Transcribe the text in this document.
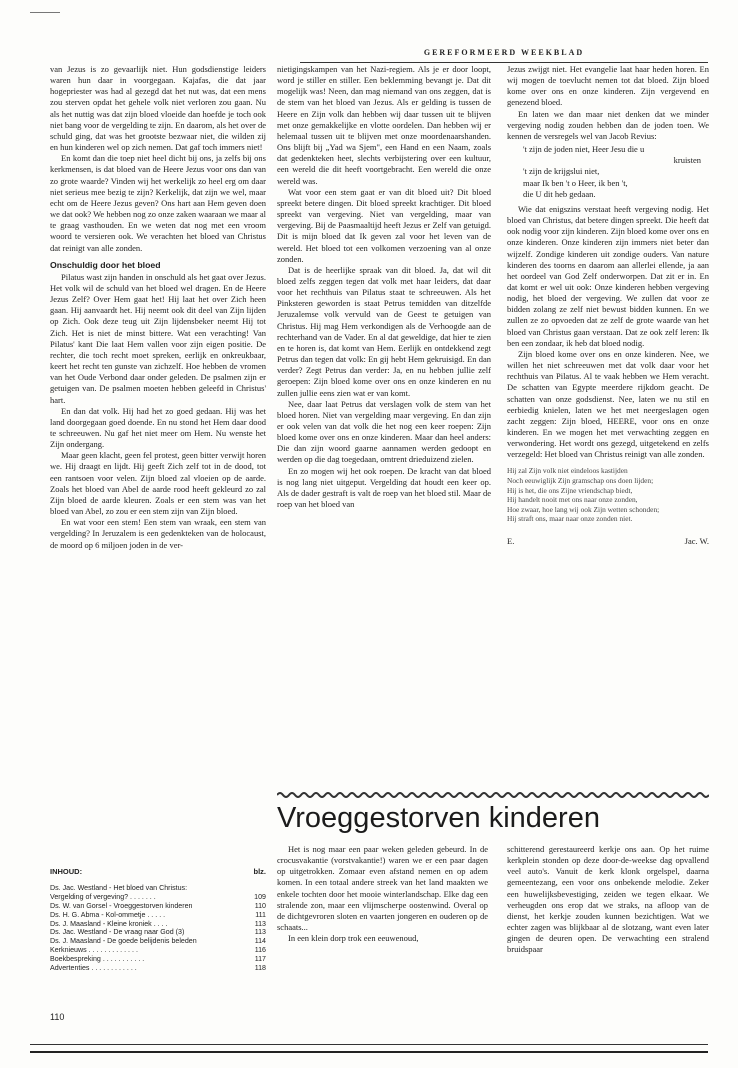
GEREFORMEERD WEEKBLAD

van Jezus is zo gevaarlijk niet. Hun godsdienstige leiders waren hun daar in voorgegaan. Kajafas, die dat jaar hogepriester was had al gezegd dat het nut was, dat een mens zou sterven opdat het gehele volk niet verloren zou gaan. Nu als het nuttig was dat zijn bloed vloeide dan hoefde je toch ook niet bang voor de vergelding te zijn. En daarom, als het over de schuld ging, dat was het grootste bezwaar niet, die wilden zij en hun kinderen wel op zich nemen. Dat gaf toch immers niet!

En komt dan die toep niet heel dicht bij ons, ja zelfs bij ons kerkmensen, is dat bloed van de Heere Jezus voor ons dan van zo grote waarde? Vinden wij het werkelijk zo heel erg om daar niet serieus mee bezig te zijn? Kerkelijk, dat zijn we wel, maar echt om de Heere Jezus geven? Ons hart aan Hem geven doen we dat ook? We hebben nog zo onze zaken waaraan we maar al te graag vasthouden. En we weten dat nog met een vroom woord te versieren ook. We verachten het bloed van Christus dat reinigt van alle zonden.

Onschuldig door het bloed

Pilatus wast zijn handen in onschuld als het gaat over Jezus. Het volk wil de schuld van het bloed wel dragen. En de Heere Jezus Zelf? Over Hem gaat het! Hij laat het over Zich heen gaan. Hij aanvaardt het. Hij neemt ook dit deel van Zijn lijden op Zich. Ook deze teug uit Zijn lijdensbeker neemt Hij tot Zich. Het is niet de minst bittere. Wat een verachting! Van Pilatus' kant Die laat Hem vallen voor zijn eigen positie. De rechter, die toch recht moet spreken, eerlijk en onkreukbaar, keert het recht ten gunste van zichzelf. Hoe hebben de vromen van het Oude Verbond daar onder geleden. De psalmen zijn er getuigen van. De psalmen moeten hebben geleefd in Christus' hart.

En dan dat volk. Hij had het zo goed gedaan. Hij was het land doorgegaan goed doende. En nu stond het Hem daar dood te schreeuwen. Nu gaf het niet meer om Hem. Nu wenste het Zijn ondergang.

Maar geen klacht, geen fel protest, geen bitter verwijt horen we. Hij draagt en lijdt. Hij geeft Zich zelf tot in de dood, tot een rantsoen voor velen. Zijn bloed zal vloeien op de aarde. Zoals het bloed van Abel de aarde rood heeft gekleurd zo zal Zijn bloed de aarde kleuren. Zoals er een stem was van het bloed van Abel, zo zou er een stem zijn van Zijn bloed.

En wat voor een stem! Een stem van wraak, een stem van vergelding? In Jeruzalem is een gedenkteken van de holocaust, de moord op 6 miljoen joden in de ver-

nietigingskampen van het Nazi-regiem. Als je er door loopt, word je stiller en stiller. Een beklemming bevangt je. Dat dit mogelijk was! Neen, dan mag niemand van ons zeggen, dat is de stem van het bloed van Jezus. Als er gelding is tussen de Heere en Zijn volk dan hebben wij daar tussen uit te blijven met onze gemakkelijke en vlotte oordelen. Dan hebben wij er helemaal tussen uit te blijven met onze moordenaarshanden. Ons blijft bij „Yad wa Sjem", een Hand en een Naam, zoals dat gedenkteken heet, slechts verbijstering over een kultuur, een wereld die dit heeft voortgebracht. Een wereld die onze wereld was.

Wat voor een stem gaat er van dit bloed uit? Dit bloed spreekt betere dingen. Dit bloed spreekt krachtiger. Dit bloed spreekt van vergeving. Niet van vergelding, maar van vergeving. Bij de Paasmaaltijd heeft Jezus er Zelf van getuigd. Dit is mijn bloed dat Ik geven zal voor het leven van de wereld. Het bloed tot een volkomen verzoening van al onze zonden.

Dat is de heerlijke spraak van dit bloed. Ja, dat wil dit bloed zelfs zeggen tegen dat volk met haar leiders, dat daar voor het rechthuis van Pilatus staat te schreeuwen. Als het Pinksteren geworden is staat Petrus temidden van ditzelfde Jeruzalemse volk vervuld van de Geest te getuigen van Christus. Hij mag Hem verkondigen als de Verhoogde aan de rechterhand van de Vader. En al dat geweldige, dat hier te zien en te horen is, dat komt van Hem. Eerlijk en ontdekkend zegt Petrus dan tegen dat volk: En gij hebt Hem gekruisigd. En dan verder? Zegt Petrus dan verder: Ja, en nu hebben jullie zelf geroepen: Zijn bloed kome over ons en onze kinderen en nu zullen jullie eens zien wat er van komt.

Nee, daar laat Petrus dat verslagen volk de stem van het bloed horen. Niet van vergelding maar vergeving. En dan zijn er ook velen van dat volk die het nog een keer roepen: Zijn bloed kome over ons en onze kinderen. Maar dan heel anders: Die dan zijn woord gaarne aannamen werden gedoopt en werden op die dag toegedaan, omtrent drieduizend zielen.

En zo mogen wij het ook roepen. De kracht van dat bloed is nog lang niet uitgeput. Vergelding dat houdt een keer op. Als de dader gestraft is valt de roep van het bloed stil. Maar de roep van het bloed van

Jezus zwijgt niet. Het evangelie laat haar heden horen. En wij mogen de toevlucht nemen tot dat bloed. Zijn bloed kome over ons en onze kinderen. Zijn vergevend en genezend bloed.

En laten we dan maar niet denken dat we minder vergeving nodig zouden hebben dan de joden toen. We kennen de versregels wel van Jacob Revius:

't zijn de joden niet, Heer Jesu die u
kruisten
't zijn de krijgslui niet,
maar Ik ben 't o Heer, ik ben 't,
die U dit heb gedaan.

Wie dat enigszins verstaat heeft vergeving nodig. Het bloed van Christus, dat betere dingen spreekt. Die heeft dat ook nodig voor zijn kinderen. Zijn bloed kome over ons en onze kinderen. Onze kinderen zijn immers niet beter dan wijzelf. Zondige kinderen uit zondige ouders. Van nature kinderen des toorns en daarom aan allerlei ellende, ja aan het oordeel van God Zelf onderworpen. Dat zit er in. En dat komt er wel uit ook: Onze kinderen hebben vergeving nodig, het bloed der vergeving. We zullen dat voor ze bidden zolang ze zelf niet bewust bidden kunnen. En we zullen ze zo opvoeden dat ze zelf de grote waarde van het bloed van Christus gaan verstaan. Dat ze ook zelf leren: Ik ben een zondaar, ik heb dat bloed nodig.

Zijn bloed kome over ons en onze kinderen. Nee, we willen het niet schreeuwen met dat volk daar voor het rechthuis van Pilatus. Al te vaak hebben we Hem veracht. De schatten van Egypte meerdere rijkdom geacht. De schatten van onze godsdienst. Nee, laten we nu stil en eerbiedig knielen, laten we het met neergeslagen ogen zacht zeggen: Zijn bloed, HEERE, voor ons en onze kinderen. En we mogen het met verwachting zeggen en verwondering. Het wordt ons gezegd, uitgetekend en zelfs verzegeld: Het bloed van Christus reinigt van alle zonden.

Hij zal Zijn volk niet eindeloos kastijden
Noch eeuwiglijk Zijn gramschap ons doen lijden;
Hij is het, die ons Zijne vriendschap biedt,
Hij handelt nooit met ons naar onze zonden,
Hoe zwaar, hoe lang wij ook Zijn wetten schonden;
Hij straft ons, maar naar onze zonden niet.
E.	Jac. W.
Vroeggestorven kinderen

Het is nog maar een paar weken geleden gebeurd. In de crocusvakantie (vorstvakantie!) waren we er een paar dagen op uitgetrokken. Zomaar even afstand nemen en op adem komen. In een totaal andere streek van het land maakten we enkele tochten door het mooie winterlandschap. Elke dag een stralende zon, maar een vlijmscherpe oostenwind. Overal op de dichtgevroren sloten en vaarten jongeren en ouderen op de schaats...

In een klein dorp trok een eeuwenoud,

schitterend gerestaureerd kerkje ons aan. Op het ruime kerkplein stonden op deze door-de-weekse dag opvallend veel auto's. Vanuit de kerk klonk orgelspel, daarna gemeentezang, een voor ons onbekende melodie. Zeker een huwelijksbevestiging, zeiden we tegen elkaar. We verheugden ons erop dat we straks, na afloop van de dienst, het kerkje zouden kunnen bezichtigen. Wat we echter zagen was blijkbaar al de slotzang, want even later gingen de deuren open. De verwachting een stralend bruidspaar

INHOUD:	blz.
Ds. Jac. Westland - Het bloed van Christus:
Vergelding of vergeving? . . . . . . .	109
Ds. W. van Gorsel - Vroeggestorven kinderen	110
Ds. H. G. Abma - Kol-ommetje . . . . .	111
Ds. J. Maasland - Kleine kroniek . . . .	113
Ds. Jac. Westland - De vraag naar God (3)	113
Ds. J. Maasland - De goede belijdenis beleden	114
Kerknieuws . . . . . . . . . . . . .	116
Boekbespreking . . . . . . . . . . .	117
Advertenties . . . . . . . . . . . .	118
110
